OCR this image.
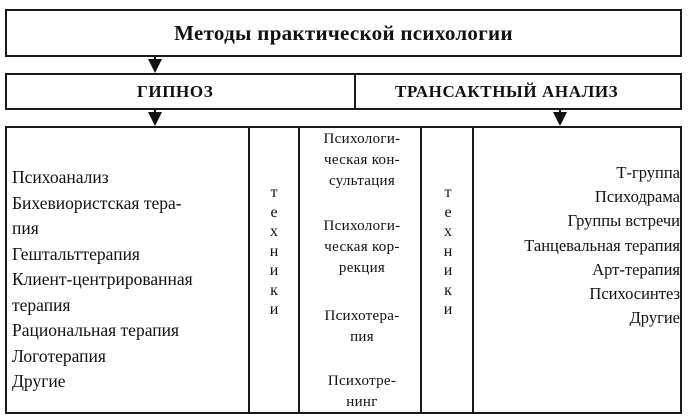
Методы практической психологии
ГИПНОЗ	ТРАНСАКТНЫЙ АНАЛИЗ
Психоанализ
Бихевиористская тера-
пия
Гештальттерапия
Клиент-центрированная
терапия
Рациональная терапия
Логотерапия
Другие
т
е
х
н
и
к
и
Психологи-
ческая кон-
сультация
Психологи-
ческая кор-
рекция
Психотера-
пия
Психотре-
нинг
т
е
х
н
и
к
и
Т-группа
Психодрама
Группы встречи
Танцевальная терапия
Арт-терапия
Психосинтез
Другие
